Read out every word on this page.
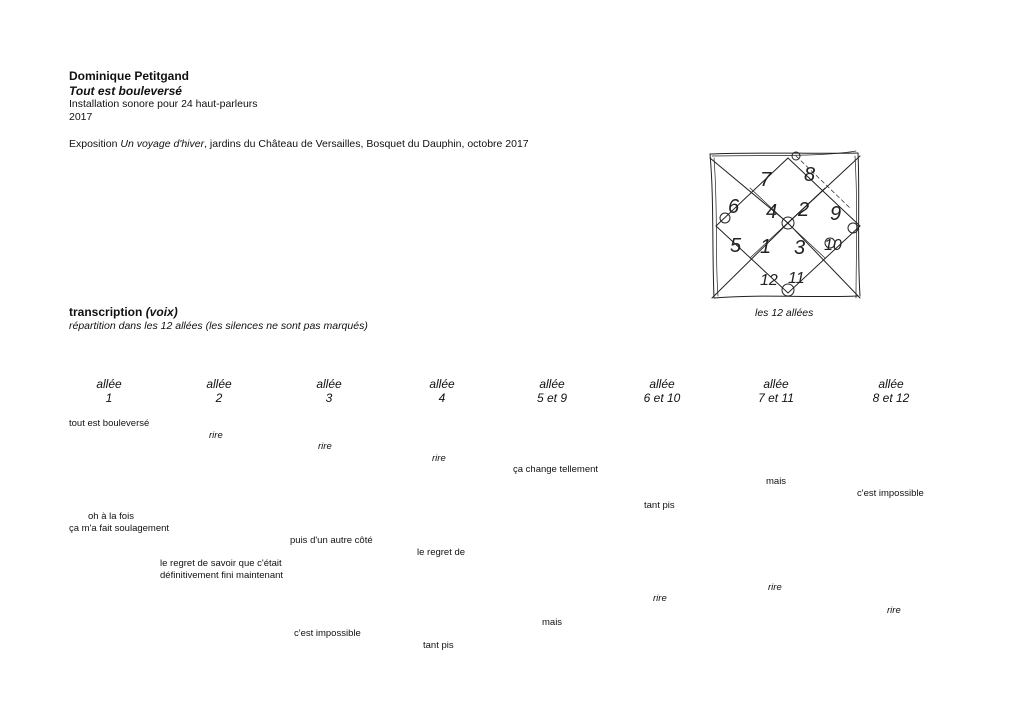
Dominique Petitgand
Tout est bouleversé
Installation sonore pour 24 haut-parleurs
2017
Exposition Un voyage d'hiver, jardins du Château de Versailles, Bosquet du Dauphin, octobre 2017
6
7 8
4 2 9
5 1 3 10
12 11
les 12 allées
transcription (voix)
répartition dans les 12 allées (les silences ne sont pas marqués)
allée
1
allée
2
allée
3
allée
4
allée
5 et 9
allée
6 et 10
allée
7 et 11
allée
8 et 12
tout est bouleversé
rire
rire
rire
ça change tellement
mais
c'est impossible
tant pis
oh à la fois
ça m'a fait soulagement
puis d'un autre côté
le regret de
le regret de savoir que c'était
définitivement fini maintenant
rire
rire
rire
mais
c'est impossible
tant pis
